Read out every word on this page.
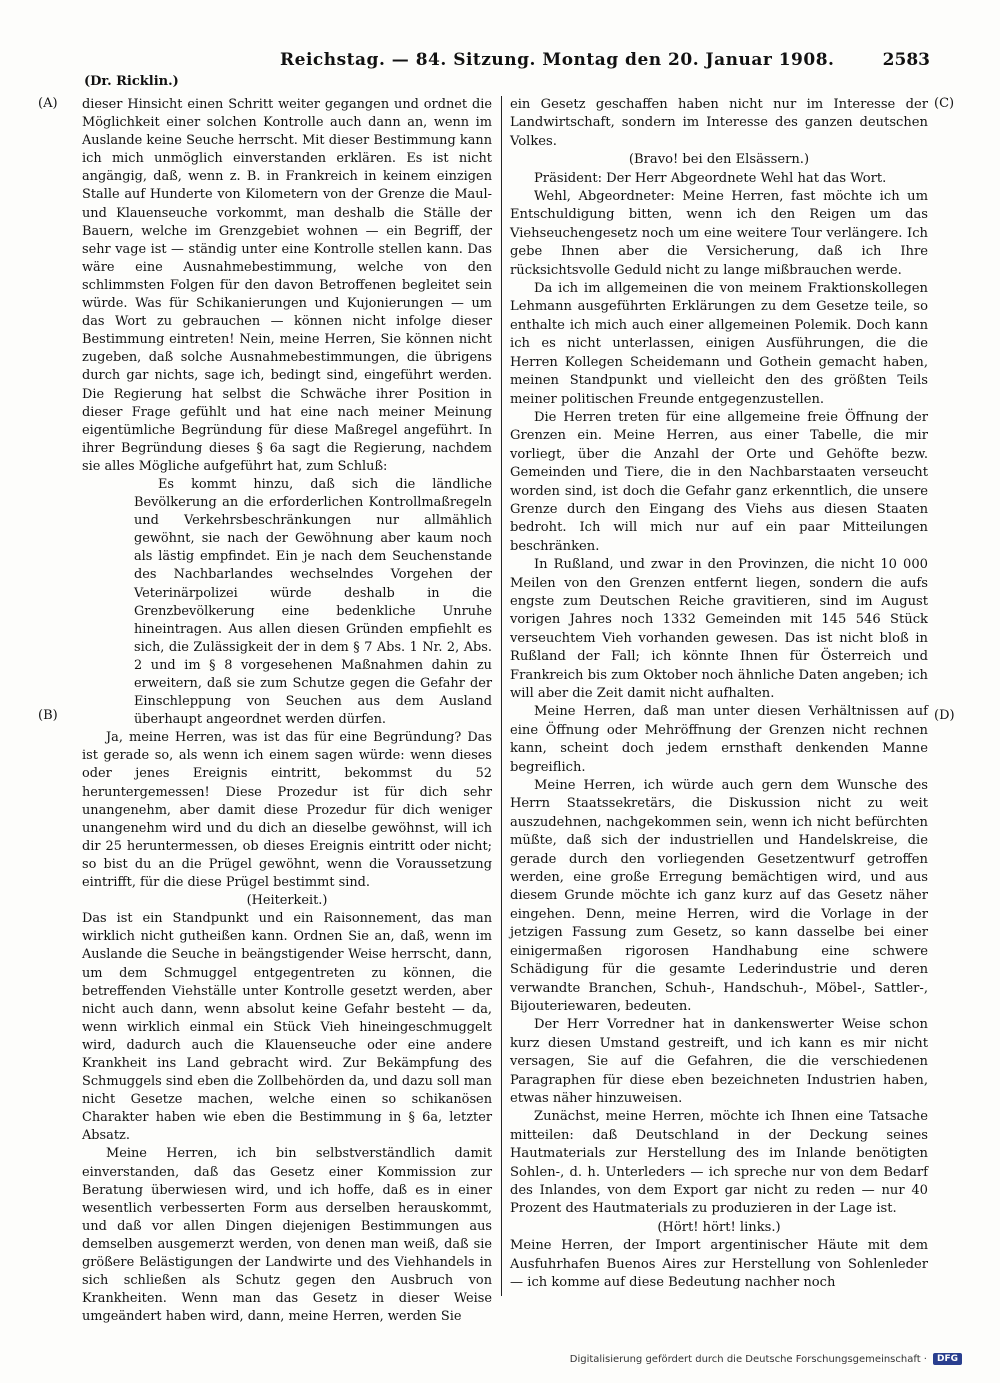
Reichstag. — 84. Sitzung. Montag den 20. Januar 1908.	2583
(Dr. Ricklin.)
(A)
(B)
(C)
(D)

dieser Hinsicht einen Schritt weiter gegangen und ordnet die Möglichkeit einer solchen Kontrolle auch dann an, wenn im Auslande keine Seuche herrscht. Mit dieser Bestimmung kann ich mich unmöglich einverstanden erklären. Es ist nicht angängig, daß, wenn z. B. in Frankreich in keinem einzigen Stalle auf Hunderte von Kilometern von der Grenze die Maul- und Klauenseuche vorkommt, man deshalb die Ställe der Bauern, welche im Grenzgebiet wohnen — ein Begriff, der sehr vage ist — ständig unter eine Kontrolle stellen kann. Das wäre eine Ausnahmebestimmung, welche von den schlimmsten Folgen für den davon Betroffenen begleitet sein würde. Was für Schikanierungen und Kujonierungen — um das Wort zu gebrauchen — können nicht infolge dieser Bestimmung eintreten! Nein, meine Herren, Sie können nicht zugeben, daß solche Ausnahmebestimmungen, die übrigens durch gar nichts, sage ich, bedingt sind, eingeführt werden. Die Regierung hat selbst die Schwäche ihrer Position in dieser Frage gefühlt und hat eine nach meiner Meinung eigentümliche Begründung für diese Maßregel angeführt. In ihrer Begründung dieses § 6a sagt die Regierung, nachdem sie alles Mögliche aufgeführt hat, zum Schluß:

Es kommt hinzu, daß sich die ländliche Bevölkerung an die erforderlichen Kontrollmaßregeln und Verkehrsbeschränkungen nur allmählich gewöhnt, sie nach der Gewöhnung aber kaum noch als lästig empfindet. Ein je nach dem Seuchenstande des Nachbarlandes wechselndes Vorgehen der Veterinärpolizei würde deshalb in die Grenzbevölkerung eine bedenkliche Unruhe hineintragen. Aus allen diesen Gründen empfiehlt es sich, die Zulässigkeit der in dem § 7 Abs. 1 Nr. 2, Abs. 2 und im § 8 vorgesehenen Maßnahmen dahin zu erweitern, daß sie zum Schutze gegen die Gefahr der Einschleppung von Seuchen aus dem Ausland überhaupt angeordnet werden dürfen.

Ja, meine Herren, was ist das für eine Begründung? Das ist gerade so, als wenn ich einem sagen würde: wenn dieses oder jenes Ereignis eintritt, bekommst du 52 heruntergemessen! Diese Prozedur ist für dich sehr unangenehm, aber damit diese Prozedur für dich weniger unangenehm wird und du dich an dieselbe gewöhnst, will ich dir 25 heruntermessen, ob dieses Ereignis eintritt oder nicht; so bist du an die Prügel gewöhnt, wenn die Voraussetzung eintrifft, für die diese Prügel bestimmt sind.

(Heiterkeit.)

Das ist ein Standpunkt und ein Raisonnement, das man wirklich nicht gutheißen kann. Ordnen Sie an, daß, wenn im Auslande die Seuche in beängstigender Weise herrscht, dann, um dem Schmuggel entgegentreten zu können, die betreffenden Viehställe unter Kontrolle gesetzt werden, aber nicht auch dann, wenn absolut keine Gefahr besteht — da, wenn wirklich einmal ein Stück Vieh hineingeschmuggelt wird, dadurch auch die Klauenseuche oder eine andere Krankheit ins Land gebracht wird. Zur Bekämpfung des Schmuggels sind eben die Zollbehörden da, und dazu soll man nicht Gesetze machen, welche einen so schikanösen Charakter haben wie eben die Bestimmung in § 6a, letzter Absatz.

Meine Herren, ich bin selbstverständlich damit einverstanden, daß das Gesetz einer Kommission zur Beratung überwiesen wird, und ich hoffe, daß es in einer wesentlich verbesserten Form aus derselben herauskommt, und daß vor allen Dingen diejenigen Bestimmungen aus demselben ausgemerzt werden, von denen man weiß, daß sie größere Belästigungen der Landwirte und des Viehhandels in sich schließen als Schutz gegen den Ausbruch von Krankheiten. Wenn man das Gesetz in dieser Weise umgeändert haben wird, dann, meine Herren, werden Sie

ein Gesetz geschaffen haben nicht nur im Interesse der Landwirtschaft, sondern im Interesse des ganzen deutschen Volkes.

(Bravo! bei den Elsässern.)

Präsident: Der Herr Abgeordnete Wehl hat das Wort.

Wehl, Abgeordneter: Meine Herren, fast möchte ich um Entschuldigung bitten, wenn ich den Reigen um das Viehseuchengesetz noch um eine weitere Tour verlängere. Ich gebe Ihnen aber die Versicherung, daß ich Ihre rücksichtsvolle Geduld nicht zu lange mißbrauchen werde.

Da ich im allgemeinen die von meinem Fraktionskollegen Lehmann ausgeführten Erklärungen zu dem Gesetze teile, so enthalte ich mich auch einer allgemeinen Polemik. Doch kann ich es nicht unterlassen, einigen Ausführungen, die die Herren Kollegen Scheidemann und Gothein gemacht haben, meinen Standpunkt und vielleicht den des größten Teils meiner politischen Freunde entgegenzustellen.

Die Herren treten für eine allgemeine freie Öffnung der Grenzen ein. Meine Herren, aus einer Tabelle, die mir vorliegt, über die Anzahl der Orte und Gehöfte bezw. Gemeinden und Tiere, die in den Nachbarstaaten verseucht worden sind, ist doch die Gefahr ganz erkenntlich, die unsere Grenze durch den Eingang des Viehs aus diesen Staaten bedroht. Ich will mich nur auf ein paar Mitteilungen beschränken.

In Rußland, und zwar in den Provinzen, die nicht 10 000 Meilen von den Grenzen entfernt liegen, sondern die aufs engste zum Deutschen Reiche gravitieren, sind im August vorigen Jahres noch 1332 Gemeinden mit 145 546 Stück verseuchtem Vieh vorhanden gewesen. Das ist nicht bloß in Rußland der Fall; ich könnte Ihnen für Österreich und Frankreich bis zum Oktober noch ähnliche Daten angeben; ich will aber die Zeit damit nicht aufhalten.

Meine Herren, daß man unter diesen Verhältnissen auf eine Öffnung oder Mehröffnung der Grenzen nicht rechnen kann, scheint doch jedem ernsthaft denkenden Manne begreiflich.

Meine Herren, ich würde auch gern dem Wunsche des Herrn Staatssekretärs, die Diskussion nicht zu weit auszudehnen, nachgekommen sein, wenn ich nicht befürchten müßte, daß sich der industriellen und Handelskreise, die gerade durch den vorliegenden Gesetzentwurf getroffen werden, eine große Erregung bemächtigen wird, und aus diesem Grunde möchte ich ganz kurz auf das Gesetz näher eingehen. Denn, meine Herren, wird die Vorlage in der jetzigen Fassung zum Gesetz, so kann dasselbe bei einer einigermaßen rigorosen Handhabung eine schwere Schädigung für die gesamte Lederindustrie und deren verwandte Branchen, Schuh-, Handschuh-, Möbel-, Sattler-, Bijouteriewaren, bedeuten.

Der Herr Vorredner hat in dankenswerter Weise schon kurz diesen Umstand gestreift, und ich kann es mir nicht versagen, Sie auf die Gefahren, die die verschiedenen Paragraphen für diese eben bezeichneten Industrien haben, etwas näher hinzuweisen.

Zunächst, meine Herren, möchte ich Ihnen eine Tatsache mitteilen: daß Deutschland in der Deckung seines Hautmaterials zur Herstellung des im Inlande benötigten Sohlen-, d. h. Unterleders — ich spreche nur von dem Bedarf des Inlandes, von dem Export gar nicht zu reden — nur 40 Prozent des Hautmaterials zu produzieren in der Lage ist.

(Hört! hört! links.)

Meine Herren, der Import argentinischer Häute mit dem Ausfuhrhafen Buenos Aires zur Herstellung von Sohlenleder — ich komme auf diese Bedeutung nachher noch

Digitalisierung gefördert durch die Deutsche Forschungsgemeinschaft ·	DFG
